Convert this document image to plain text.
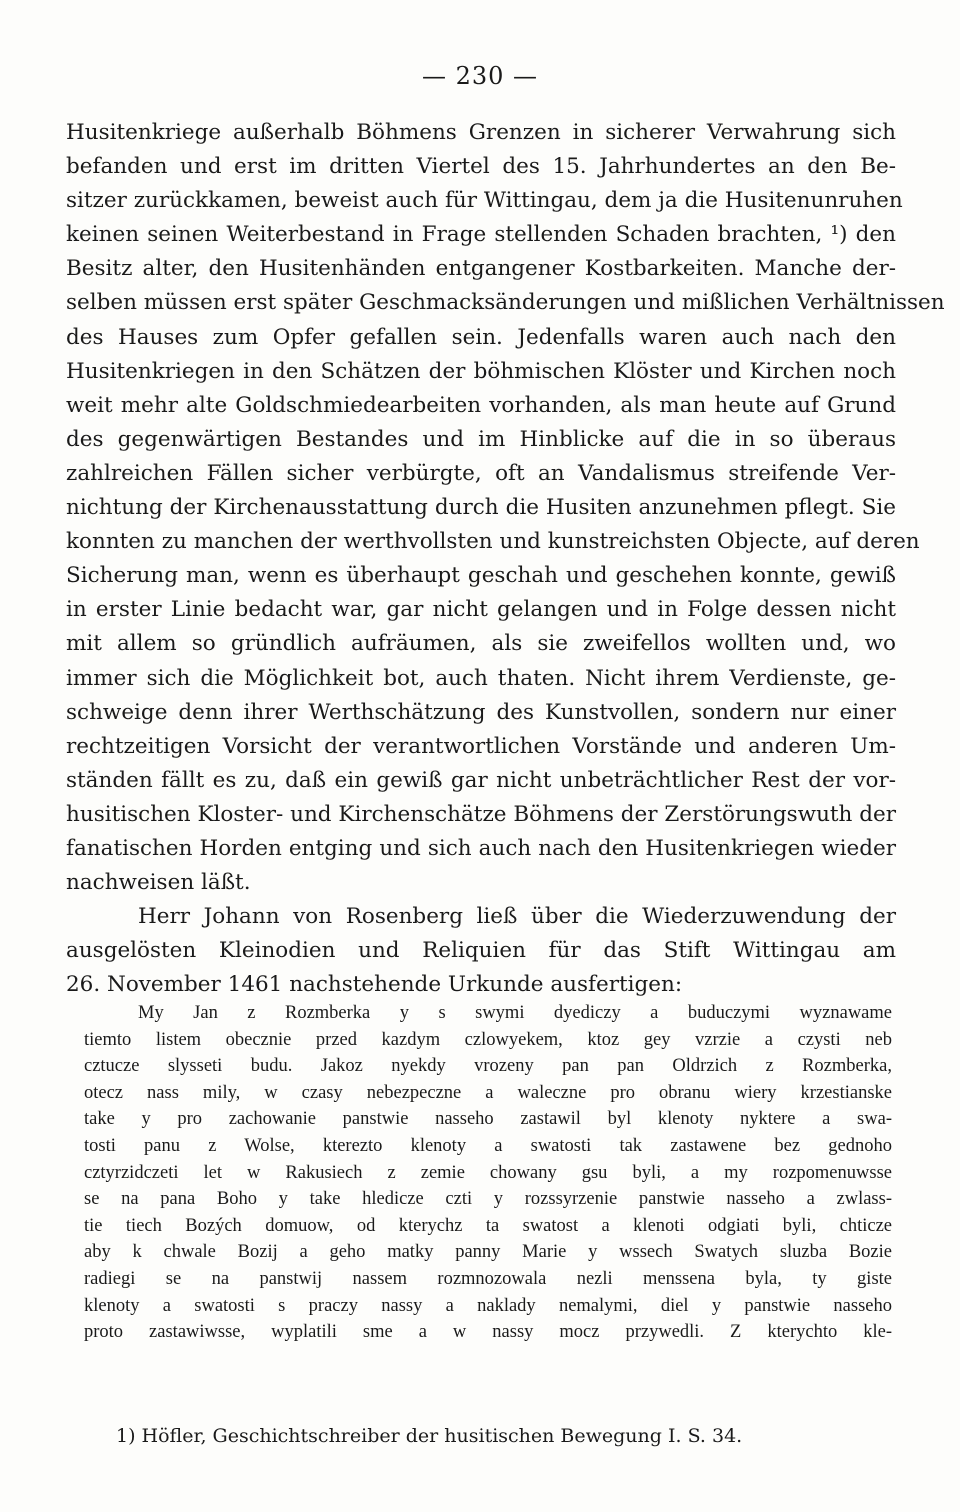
— 230 —
Husitenkriege außerhalb Böhmens Grenzen in sicherer Verwahrung sich
befanden und erst im dritten Viertel des 15. Jahrhundertes an den Be-
sitzer zurückkamen, beweist auch für Wittingau, dem ja die Husitenunruhen
keinen seinen Weiterbestand in Frage stellenden Schaden brachten, ¹) den
Besitz alter, den Husitenhänden entgangener Kostbarkeiten. Manche der-
selben müssen erst später Geschmacksänderungen und mißlichen Verhältnissen
des Hauses zum Opfer gefallen sein. Jedenfalls waren auch nach den
Husitenkriegen in den Schätzen der böhmischen Klöster und Kirchen noch
weit mehr alte Goldschmiedearbeiten vorhanden, als man heute auf Grund
des gegenwärtigen Bestandes und im Hinblicke auf die in so überaus
zahlreichen Fällen sicher verbürgte, oft an Vandalismus streifende Ver-
nichtung der Kirchenausstattung durch die Husiten anzunehmen pflegt. Sie
konnten zu manchen der werthvollsten und kunstreichsten Objecte, auf deren
Sicherung man, wenn es überhaupt geschah und geschehen konnte, gewiß
in erster Linie bedacht war, gar nicht gelangen und in Folge dessen nicht
mit allem so gründlich aufräumen, als sie zweifellos wollten und, wo
immer sich die Möglichkeit bot, auch thaten. Nicht ihrem Verdienste, ge-
schweige denn ihrer Werthschätzung des Kunstvollen, sondern nur einer
rechtzeitigen Vorsicht der verantwortlichen Vorstände und anderen Um-
ständen fällt es zu, daß ein gewiß gar nicht unbeträchtlicher Rest der vor-
husitischen Kloster- und Kirchenschätze Böhmens der Zerstörungswuth der
fanatischen Horden entging und sich auch nach den Husitenkriegen wieder
nachweisen läßt.
Herr Johann von Rosenberg ließ über die Wiederzuwendung der
ausgelösten Kleinodien und Reliquien für das Stift Wittingau am
26. November 1461 nachstehende Urkunde ausfertigen:
My Jan z Rozmberka y s swymi dyediczy a buduczymi wyznawame
tiemto listem obecznie przed kazdym czlowyekem, ktoz gey vzrzie a czysti neb
cztucze slysseti budu. Jakoz nyekdy vrozeny pan pan Oldrzich z Rozmberka,
otecz nass mily, w czasy nebezpeczne a waleczne pro obranu wiery krzestianske
take y pro zachowanie panstwie nasseho zastawil byl klenoty nyktere a swa-
tosti panu z Wolse, kterezto klenoty a swatosti tak zastawene bez gednoho
cztyrzidczeti let w Rakusiech z zemie chowany gsu byli, a my rozpomenuwsse
se na pana Boho y take hledicze czti y rozssyrzenie panstwie nasseho a zwlass-
tie tiech Bozých domuow, od kterychz ta swatost a klenoti odgiati byli, chticze
aby k chwale Bozij a geho matky panny Marie y wssech Swatych sluzba Bozie
radiegi se na panstwij nassem rozmnozowala nezli menssena byla, ty giste
klenoty a swatosti s praczy nassy a naklady nemalymi, diel y panstwie nasseho
proto zastawiwsse, wyplatili sme a w nassy mocz przywedli. Z kterychto kle-
1) Höfler, Geschichtschreiber der husitischen Bewegung I. S. 34.
